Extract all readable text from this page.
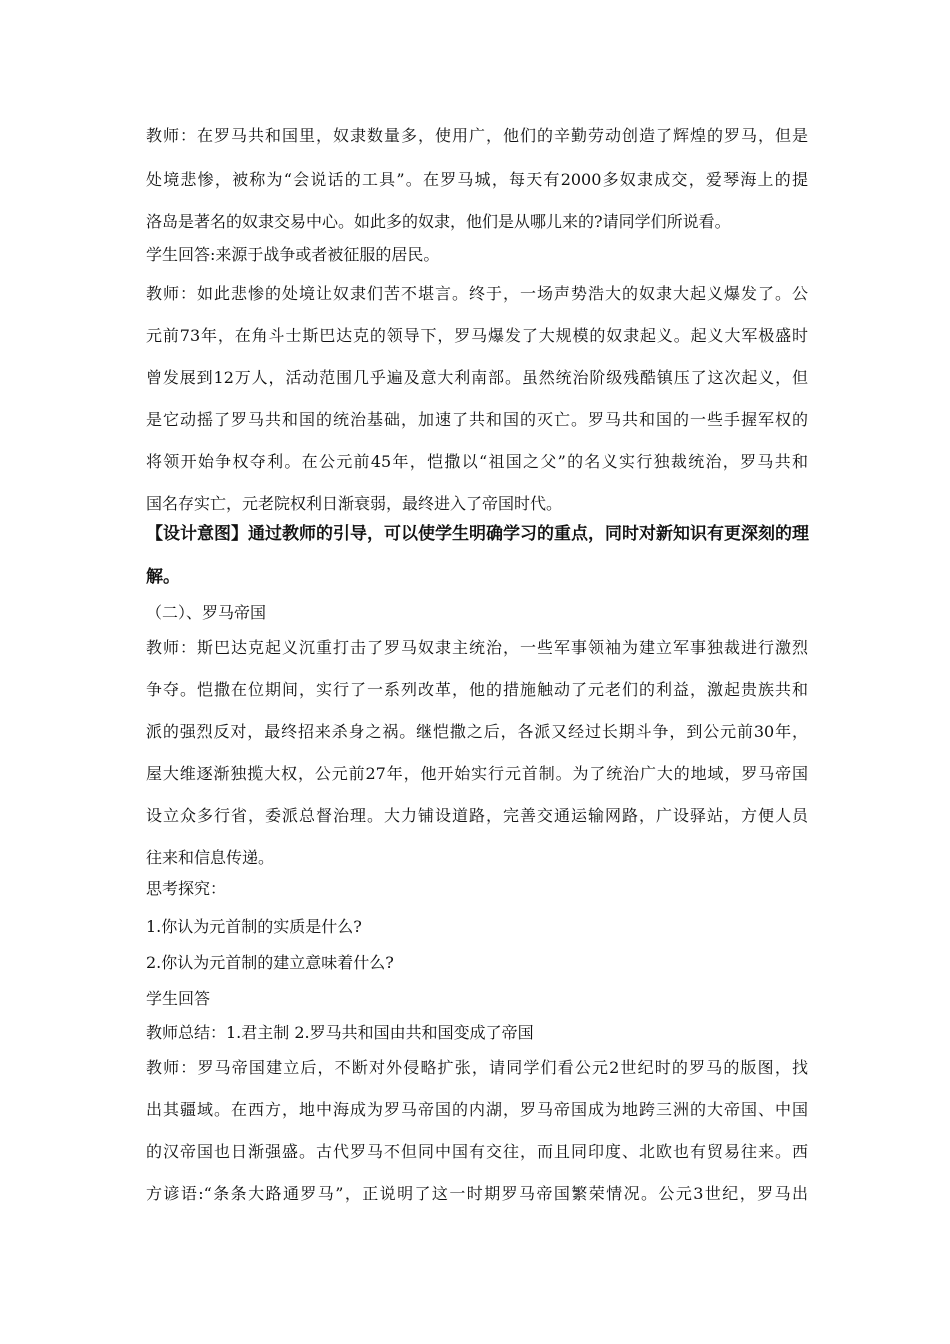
教师：在罗马共和国里，奴隶数量多，使用广，他们的辛勤劳动创造了辉煌的罗马，但是
处境悲惨，被称为“会说话的工具”。在罗马城，每天有2000多奴隶成交，爱琴海上的提
洛岛是著名的奴隶交易中心。如此多的奴隶，他们是从哪儿来的?请同学们所说看。
学生回答:来源于战争或者被征服的居民。
教师：如此悲惨的处境让奴隶们苦不堪言。终于，一场声势浩大的奴隶大起义爆发了。公
元前73年，在角斗士斯巴达克的领导下，罗马爆发了大规模的奴隶起义。起义大军极盛时
曾发展到12万人，活动范围几乎遍及意大利南部。虽然统治阶级残酷镇压了这次起义，但
是它动摇了罗马共和国的统治基础，加速了共和国的灭亡。罗马共和国的一些手握军权的
将领开始争权夺利。在公元前45年，恺撒以“祖国之父”的名义实行独裁统治，罗马共和
国名存实亡，元老院权利日渐衰弱，最终进入了帝国时代。
【设计意图】通过教师的引导，可以使学生明确学习的重点，同时对新知识有更深刻的理
解。
（二）、罗马帝国
教师：斯巴达克起义沉重打击了罗马奴隶主统治，一些军事领袖为建立军事独裁进行激烈
争夺。恺撒在位期间，实行了一系列改革，他的措施触动了元老们的利益，激起贵族共和
派的强烈反对，最终招来杀身之祸。继恺撒之后，各派又经过长期斗争，到公元前30年，
屋大维逐渐独揽大权，公元前27年，他开始实行元首制。为了统治广大的地域，罗马帝国
设立众多行省，委派总督治理。大力铺设道路，完善交通运输网路，广设驿站，方便人员
往来和信息传递。
思考探究：
1.你认为元首制的实质是什么?
2.你认为元首制的建立意味着什么?
学生回答
教师总结：1.君主制 2.罗马共和国由共和国变成了帝国
教师：罗马帝国建立后，不断对外侵略扩张，请同学们看公元2世纪时的罗马的版图，找
出其疆域。在西方，地中海成为罗马帝国的内湖，罗马帝国成为地跨三洲的大帝国、中国
的汉帝国也日渐强盛。古代罗马不但同中国有交往，而且同印度、北欧也有贸易往来。西
方谚语:“条条大路通罗马”，正说明了这一时期罗马帝国繁荣情况。公元3世纪，罗马出
